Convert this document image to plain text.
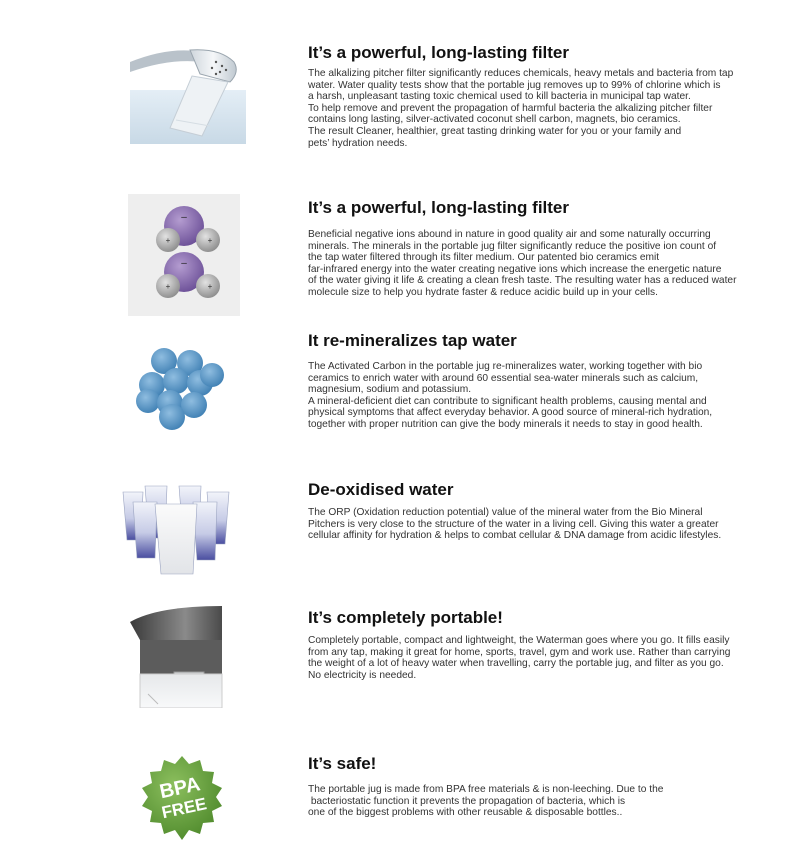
It’s a powerful, long-lasting filter

The alkalizing pitcher filter significantly reduces chemicals, heavy metals and bacteria from tap
water. Water quality tests show that the portable jug removes up to 99% of chlorine which is
a harsh, unpleasant tasting toxic chemical used to kill bacteria in municipal tap water.
To help remove and prevent the propagation of harmful bacteria the alkalizing pitcher filter
contains long lasting, silver-activated coconut shell carbon, magnets, bio ceramics.
The result Cleaner, healthier, great tasting drinking water for you or your family and
pets’ hydration needs.

–
+	+
–
+	+
It’s a powerful, long-lasting filter

Beneficial negative ions abound in nature in good quality air and some naturally occurring
minerals. The minerals in the portable jug filter significantly reduce the positive ion count of
the tap water filtered through its filter medium. Our patented bio ceramics emit
far-infrared energy into the water creating negative ions which increase the energetic nature
of the water giving it life & creating a clean fresh taste. The resulting water has a reduced water
molecule size to help you hydrate faster & reduce acidic build up in your cells.

It re-mineralizes tap water

The Activated Carbon in the portable jug re-mineralizes water, working together with bio
ceramics to enrich water with around 60 essential sea-water minerals such as calcium,
magnesium, sodium and potassium.
A mineral-deficient diet can contribute to significant health problems, causing mental and
physical symptoms that affect everyday behavior. A good source of mineral-rich hydration,
together with proper nutrition can give the body minerals it needs to stay in good health.

De-oxidised water

The ORP (Oxidation reduction potential) value of the mineral water from the Bio Mineral
Pitchers is very close to the structure of the water in a living cell. Giving this water a greater
cellular affinity for hydration & helps to combat cellular & DNA damage from acidic lifestyles.

It’s completely portable!

Completely portable, compact and lightweight, the Waterman goes where you go. It fills easily
from any tap, making it great for home, sports, travel, gym and work use. Rather than carrying
the weight of a lot of heavy water when travelling, carry the portable jug, and filter as you go.
No electricity is needed.

BPA
FREE
It’s safe!

The portable jug is made from BPA free materials & is non-leeching. Due to the
bacteriostatic function it prevents the propagation of bacteria, which is
one of the biggest problems with other reusable & disposable bottles..
